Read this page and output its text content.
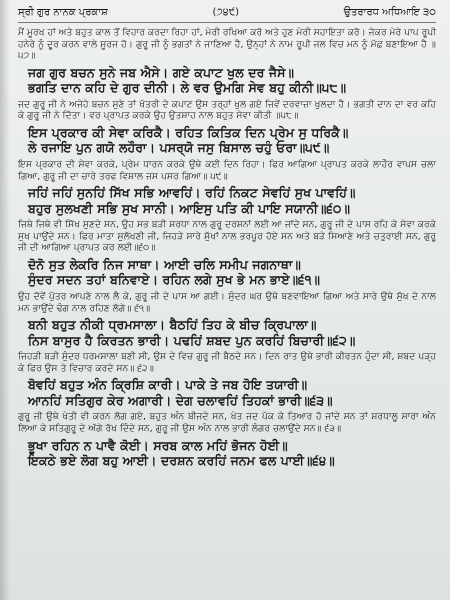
ਸ੍ਰੀ ਗੁਰ ਨਾਨਕ ਪ੍ਰਕਾਸ਼	(੭੪੯)	ਉਤਰਾਰਧ ਅਧਿਆਇ ੩੦

ਮੈਂ ਮੂਰਖ ਹਾਂ ਅਤੇ ਬਹੁਤ ਕਾਲ ਤੋਂ ਵਿਹਾਰ ਕਰਦਾ ਰਿਹਾ ਹਾਂ, ਮੇਰੀ ਰਖਿਆ ਕਰੋ ਅਤੇ ਹੁਣ ਮੇਰੀ ਸਹਾਇਤਾ ਕਰੋ। ਜੇਕਰ ਮੇਰੇ ਪਾਪ ਰੂਪੀ ਹਨੇਰੇ ਨੂੰ ਦੂਰ ਕਰਨ ਵਾਲੇ ਸੂਰਜ ਹੋ। ਗੁਰੂ ਜੀ ਨੂੰ ਭਗਤਾਂ ਨੇ ਜਾਣਿਆ ਹੈ, ਉਨ੍ਹਾਂ ਨੇ ਨਾਮ ਰੂਪੀ ਜਲ ਵਿਚ ਮਨ ਨੂੰ ਮੱਛ ਬਣਾਇਆ ਹੈ ॥੫੭॥

ਜਗ ਗੁਰ ਬਚਨ ਸੁਨੇ ਜਬ ਐਸੇ। ਗਏ ਕਪਾਟ ਖੁਲ ਦਰ ਜੈਸੇ॥
ਭਗਤਿ ਦਾਨ ਕਹਿ ਦੇ ਗੁਰ ਦੀਨੀ। ਲੇ ਵਰ ਉਮਗਿ ਸੇਵ ਬਹੁ ਕੀਨੀ॥੫੮॥

ਜਦ ਗੁਰੂ ਜੀ ਨੇ ਅਜੇਹੇ ਬਚਨ ਸੁਣੇ ਤਾਂ ਖੱਤਰੀ ਦੇ ਕਪਾਟ ਉਸ ਤਰ੍ਹਾਂ ਖੁਲ ਗਏ ਜਿਵੇਂ ਦਰਵਾਜ਼ਾ ਖੁਲਦਾ ਹੈ। ਭਗਤੀ ਦਾਨ ਦਾ ਵਰ ਕਹਿ ਕੇ ਗੁਰੂ ਜੀ ਨੇ ਦਿੱਤਾ। ਵਰ ਪ੍ਰਾਪਤ ਕਰਕੇ ਉਹ ਉਤਸ਼ਾਹ ਨਾਲ ਬਹੁਤ ਸੇਵਾ ਕੀਤੀ ॥੫੮॥

ਇਸ ਪ੍ਰਕਾਰ ਕੀ ਸੇਵਾ ਕਰਿਕੈ। ਰਹਿਤ ਕਿਤਿਕ ਦਿਨ ਪ੍ਰੇਮ ਸੁ ਧਰਿਕੈ॥
ਲੇ ਰਜਾਇ ਪੁਨ ਗਯੋ ਲਹੌਰਾ। ਪਸਰ੍ਯੋ ਜਸੁ ਬਿਸਾਲ ਚਹੁੰ ਓਰਾ॥੫੯॥

ਇਸ ਪ੍ਰਕਾਰ ਦੀ ਸੇਵਾ ਕਰਕੇ, ਪ੍ਰੇਮ ਧਾਰਨ ਕਰਕੇ ਉਥੇ ਕਈ ਦਿਨ ਰਿਹਾ। ਫਿਰ ਆਗਿਆ ਪ੍ਰਾਪਤ ਕਰਕੇ ਲਾਹੌਰ ਵਾਪਸ ਚਲਾ ਗਿਆ, ਗੁਰੂ ਜੀ ਦਾ ਚਾਰੇ ਤਰਫ ਵਿਸ਼ਾਲ ਜਸ ਪਸਰ ਗਿਆ॥ ੫੯॥

ਜਹਿਂ ਜਹਿਂ ਸੁਨਹਿਂ ਸਿੱਖ ਸਭਿ ਆਵਹਿਂ। ਰਹਿਂ ਨਿਕਟ ਸੇਵਹਿਂ ਸੁਖ ਪਾਵਹਿਂ॥
ਬਹੁਰ ਸੁਲਖਣੀ ਸਭਿ ਸੁਖ ਸਾਨੀ। ਆਇਸੁ ਪਤਿ ਕੀ ਪਾਇ ਸਯਾਨੀ॥੬੦॥

ਜਿਥੇ ਜਿਥੇ ਵੀ ਸਿੱਖ ਸੁਣਦੇ ਸਨ, ਉਹ ਸਭ ਬੜੀ ਸ਼ਰਧਾ ਨਾਲ ਗੁਰੂ ਦਰਸ਼ਨਾਂ ਲਈ ਆ ਜਾਂਦੇ ਸਨ, ਗੁਰੂ ਜੀ ਦੇ ਪਾਸ ਰਹਿ ਕੇ ਸੇਵਾ ਕਰਕੇ ਸੁਖ ਪਾਉਂਦੇ ਸਨ। ਫਿਰ ਮਾਤਾ ਸੁਲੱਖਣੀ ਜੀ, ਜਿਹੜੇ ਸਾਰੇ ਸੁੱਖਾਂ ਨਾਲ ਭਰਪੂਰ ਹੋਏ ਸਨ ਅਤੇ ਬੜੇ ਸਿਆਣੇ ਅਤੇ ਚਤੁਰਾਈ ਸਨ, ਗੁਰੂ ਜੀ ਦੀ ਆਗਿਆ ਪ੍ਰਾਪਤ ਕਰ ਲਈ॥੬੦॥

ਦੋਨੋ ਸੁਤ ਲੇਕਰਿ ਨਿਜ ਸਾਥਾ। ਆਈ ਚਲਿ ਸਮੀਪ ਜਗਨਾਥਾ॥
ਸੁੰਦਰ ਸਦਨ ਤਹਾਂ ਬਨਿਵਾਏ। ਰਹਿਨ ਲਗੇ ਸੁਖ ਭੇ ਮਨ ਭਾਏ॥੬੧॥

ਉਹ ਦੋਵੇਂ ਪੁੱਤਰ ਆਪਣੇ ਨਾਲ ਲੈ ਕੇ, ਗੁਰੂ ਜੀ ਦੇ ਪਾਸ ਆ ਗਈ। ਸੁੰਦਰ ਘਰ ਉਥੇ ਬਣਵਾਇਆ ਗਿਆ ਅਤੇ ਸਾਰੇ ਉਥੇ ਸੁੱਖ ਦੇ ਨਾਲ ਮਨ ਭਾਉਂਦੇ ਢੰਗ ਨਾਲ ਰਹਿਣ ਲੱਗੇ॥ ੬੧॥

ਬਨੀ ਬਹੁਤ ਨੀਕੀ ਧ੍ਰਮਸਾਲਾ। ਬੈਠਹਿਂ ਤਿਹ ਕੇ ਬੀਚ ਕ੍ਰਿਪਾਲਾ॥
ਨਿਸ ਬਾਸੁਰ ਹੈ ਕਿਰਤਨ ਭਾਰੀ। ਪਢਹਿਂ ਸ਼ਬਦ ਪੁਨ ਕਰਹਿਂ ਬਿਚਾਰੀ॥੬੨॥

ਜਿਹੜੀ ਬੜੀ ਸੁੰਦਰ ਧਰਮਸਾਲਾ ਬਣੀ ਸੀ, ਉਸ ਦੇ ਵਿਚ ਗੁਰੂ ਜੀ ਬੈਠਦੇ ਸਨ। ਦਿਨ ਰਾਤ ਉਥੇ ਭਾਰੀ ਕੀਰਤਨ ਹੁੰਦਾ ਸੀ, ਸ਼ਬਦ ਪੜ੍ਹ ਕੇ ਫਿਰ ਉਸ ਤੇ ਵਿਚਾਰ ਕਰਦੇ ਸਨ॥ ੬੨॥

ਬੋਵਹਿਂ ਬਹੁਤ ਅੰਨ ਕ੍ਰਿਸ਼ਿ ਕਾਰੀ। ਪਾਕੇ ਤੇ ਜਬ ਹੋਇ ਤਯਾਰੀ॥
ਆਨਹਿਂ ਸਤਿਗੁਰ ਕੇਰ ਅਗਾਰੀ। ਦੇਗ ਚਲਾਵਹਿਂ ਤਿਹਕਾਂ ਭਾਰੀ॥੬੩॥

ਗੁਰੂ ਜੀ ਉਥੇ ਖੇਤੀ ਵੀ ਕਰਨ ਲੱਗ ਗਏ, ਬਹੁਤ ਅੰਨ ਬੀਜਦੇ ਸਨ, ਖੇਤ ਜਦ ਪੱਕ ਕੇ ਤਿਆਰ ਹੋ ਜਾਂਦੇ ਸਨ ਤਾਂ ਸ਼ਰਧਾਲੂ ਸਾਰਾ ਅੰਨ ਲਿਆ ਕੇ ਸਤਿਗੁਰੂ ਦੇ ਅੱਗੇ ਰੱਖ ਦਿੰਦੇ ਸਨ, ਗੁਰੂ ਜੀ ਉਸ ਅੰਨ ਨਾਲ ਭਾਰੀ ਲੰਗਰ ਚਲਾਉਂਦੇ ਸਨ॥ ੬੩॥

ਭੂਖਾ ਰਹਿਨ ਨ ਪਾਵੈ ਕੋਈ। ਸਰਬ ਕਾਲ ਮਹਿਂ ਭੋਜਨ ਹੋਈ॥
ਇਕਠੇ ਭਏ ਲੋਗ ਬਹੁ ਆਈ। ਦਰਸ਼ਨ ਕਰਹਿਂ ਜਨਮ ਫਲ ਪਾਈ॥੬੪॥
